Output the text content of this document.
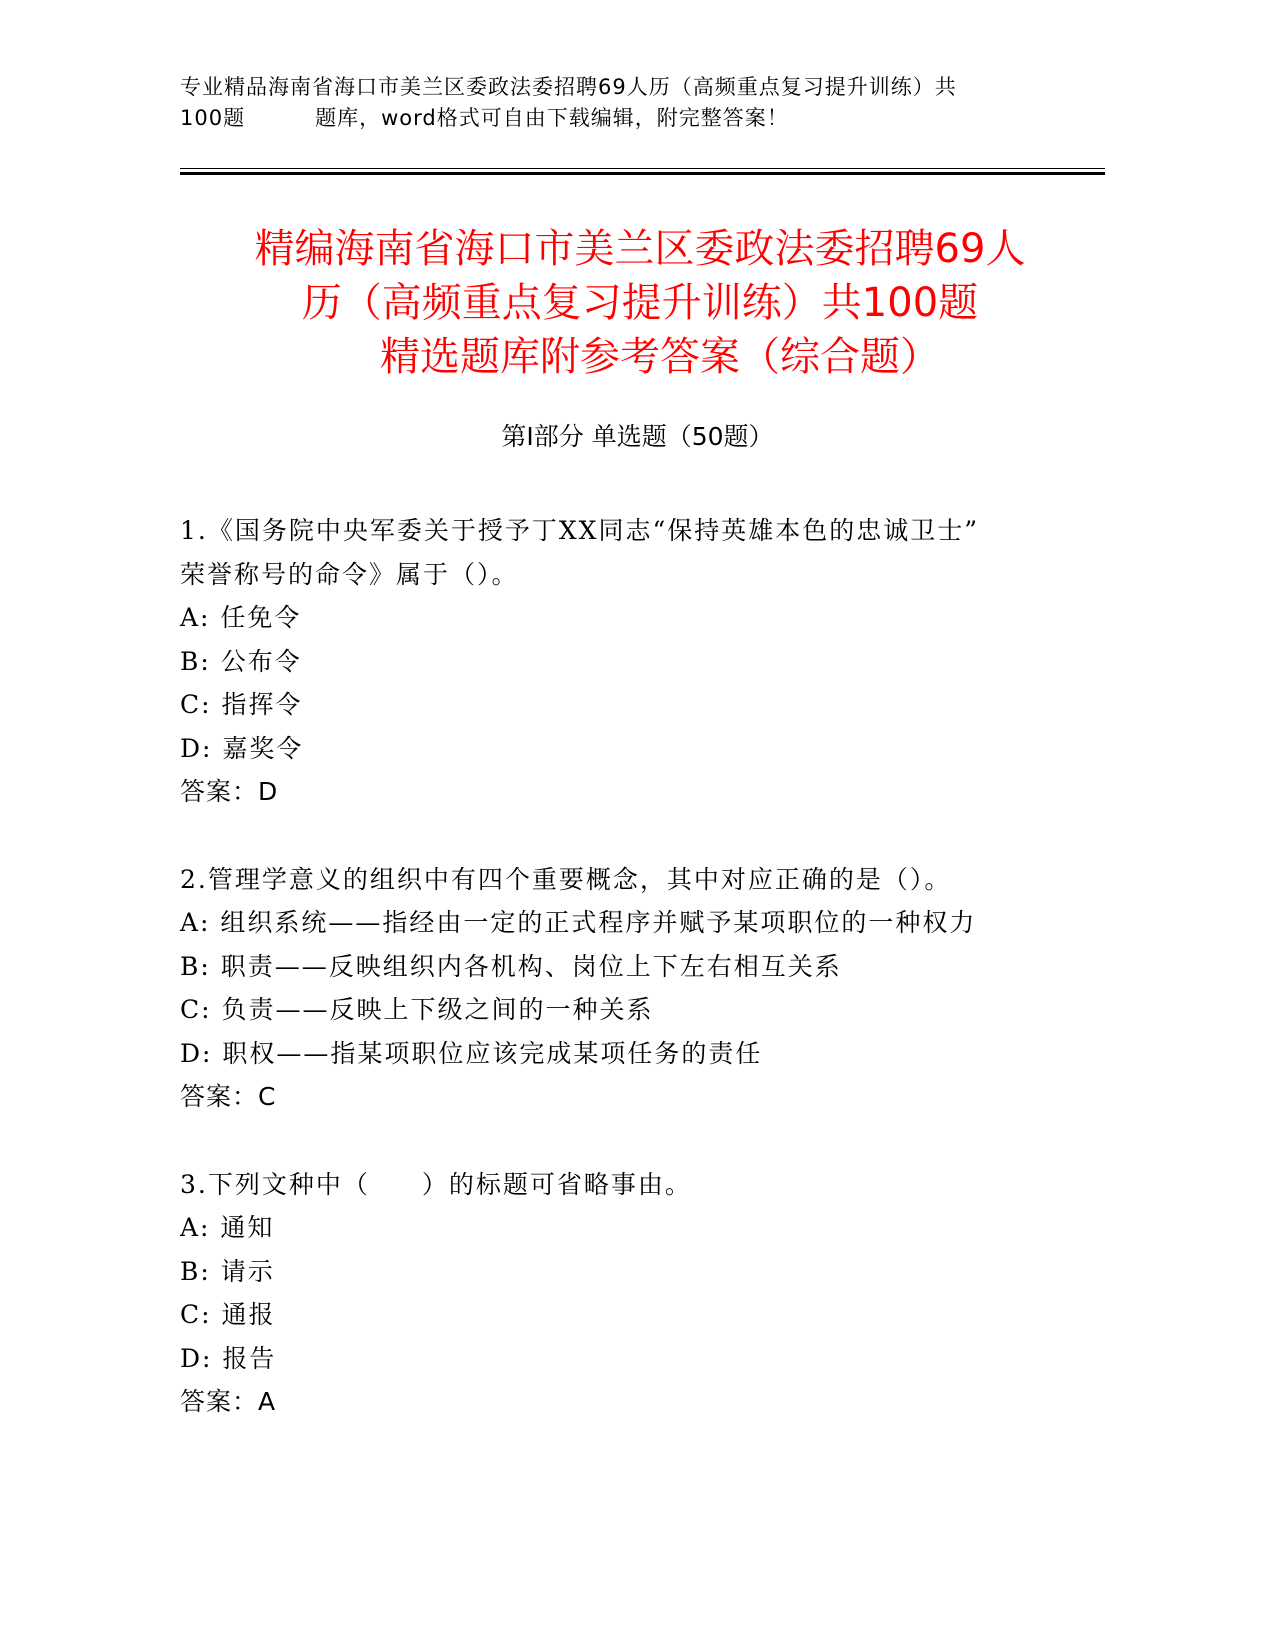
专业精品海南省海口市美兰区委政法委招聘69人历（高频重点复习提升训练）共
100题	题库，word格式可自由下载编辑，附完整答案！
精编海南省海口市美兰区委政法委招聘69人
历（高频重点复习提升训练）共100题
精选题库附参考答案（综合题）
第Ⅰ部分 单选题（50题）
1.《国务院中央军委关于授予丁XX同志“保持英雄本色的忠诚卫士”
荣誉称号的命令》属于（）。
A: 任免令
B: 公布令
C: 指挥令
D: 嘉奖令
答案：D
2.管理学意义的组织中有四个重要概念，其中对应正确的是（）。
A: 组织系统——指经由一定的正式程序并赋予某项职位的一种权力
B: 职责——反映组织内各机构、岗位上下左右相互关系
C: 负责——反映上下级之间的一种关系
D: 职权——指某项职位应该完成某项任务的责任
答案：C
3.下列文种中（ ）的标题可省略事由。
A: 通知
B: 请示
C: 通报
D: 报告
答案：A
